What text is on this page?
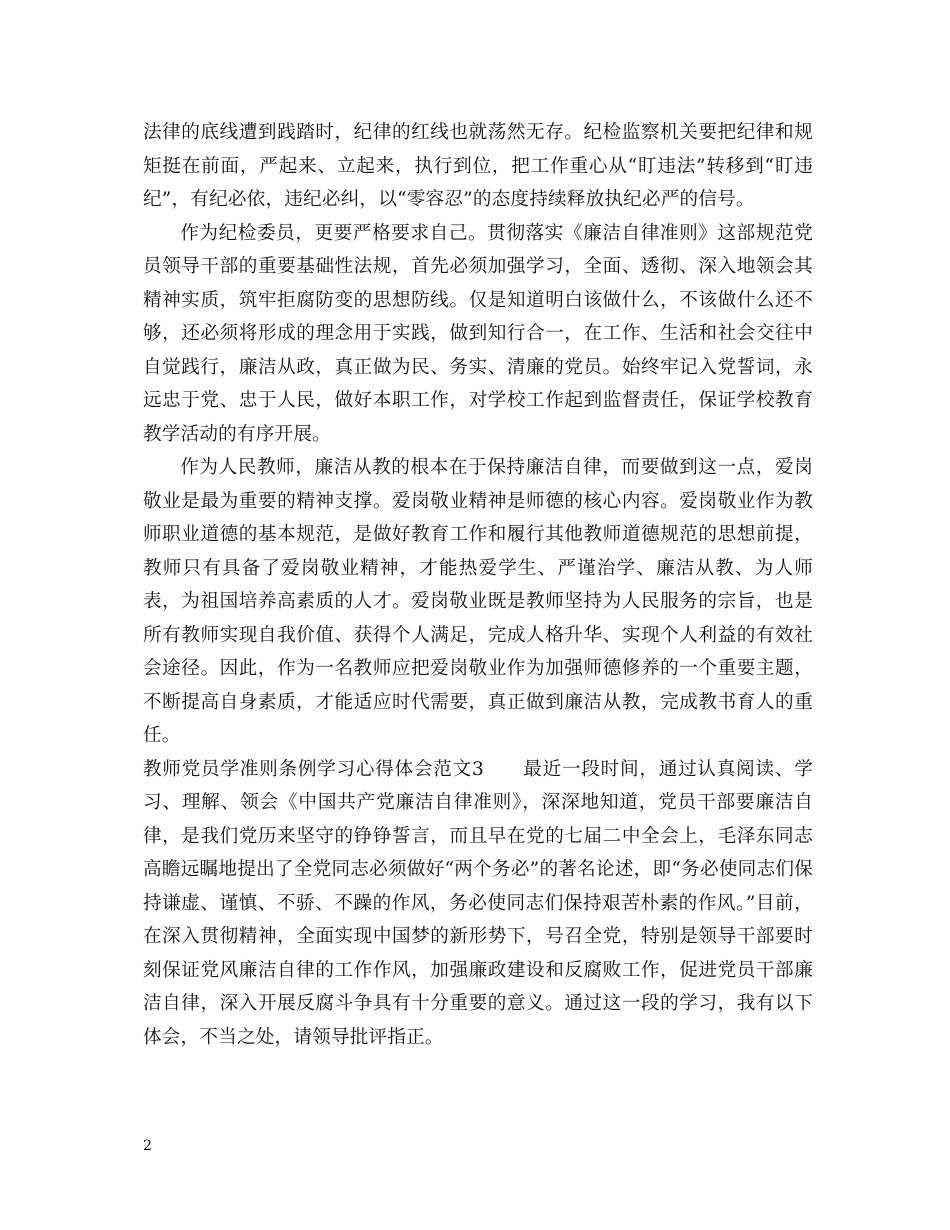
法律的底线遭到践踏时，纪律的红线也就荡然无存。纪检监察机关要把纪律和规矩挺在前面，严起来、立起来，执行到位，把工作重心从“盯违法”转移到“盯违纪”，有纪必依，违纪必纠，以“零容忍”的态度持续释放执纪必严的信号。

作为纪检委员，更要严格要求自己。贯彻落实《廉洁自律准则》这部规范党员领导干部的重要基础性法规，首先必须加强学习，全面、透彻、深入地领会其精神实质，筑牢拒腐防变的思想防线。仅是知道明白该做什么，不该做什么还不够，还必须将形成的理念用于实践，做到知行合一，在工作、生活和社会交往中自觉践行，廉洁从政，真正做为民、务实、清廉的党员。始终牢记入党誓词，永远忠于党、忠于人民，做好本职工作，对学校工作起到监督责任，保证学校教育教学活动的有序开展。

作为人民教师，廉洁从教的根本在于保持廉洁自律，而要做到这一点，爱岗敬业是最为重要的精神支撑。爱岗敬业精神是师德的核心内容。爱岗敬业作为教师职业道德的基本规范，是做好教育工作和履行其他教师道德规范的思想前提，教师只有具备了爱岗敬业精神，才能热爱学生、严谨治学、廉洁从教、为人师表，为祖国培养高素质的人才。爱岗敬业既是教师坚持为人民服务的宗旨，也是所有教师实现自我价值、获得个人满足，完成人格升华、实现个人利益的有效社会途径。因此，作为一名教师应把爱岗敬业作为加强师德修养的一个重要主题，不断提高自身素质，才能适应时代需要，真正做到廉洁从教，完成教书育人的重任。

教师党员学准则条例学习心得体会范文3　　最近一段时间，通过认真阅读、学习、理解、领会《中国共产党廉洁自律准则》，深深地知道，党员干部要廉洁自律，是我们党历来坚守的铮铮誓言，而且早在党的七届二中全会上，毛泽东同志高瞻远瞩地提出了全党同志必须做好“两个务必”的著名论述，即“务必使同志们保持谦虚、谨慎、不骄、不躁的作风，务必使同志们保持艰苦朴素的作风。”目前，在深入贯彻精神，全面实现中国梦的新形势下，号召全党，特别是领导干部要时刻保证党风廉洁自律的工作作风，加强廉政建设和反腐败工作，促进党员干部廉洁自律，深入开展反腐斗争具有十分重要的意义。通过这一段的学习，我有以下体会，不当之处，请领导批评指正。

2
